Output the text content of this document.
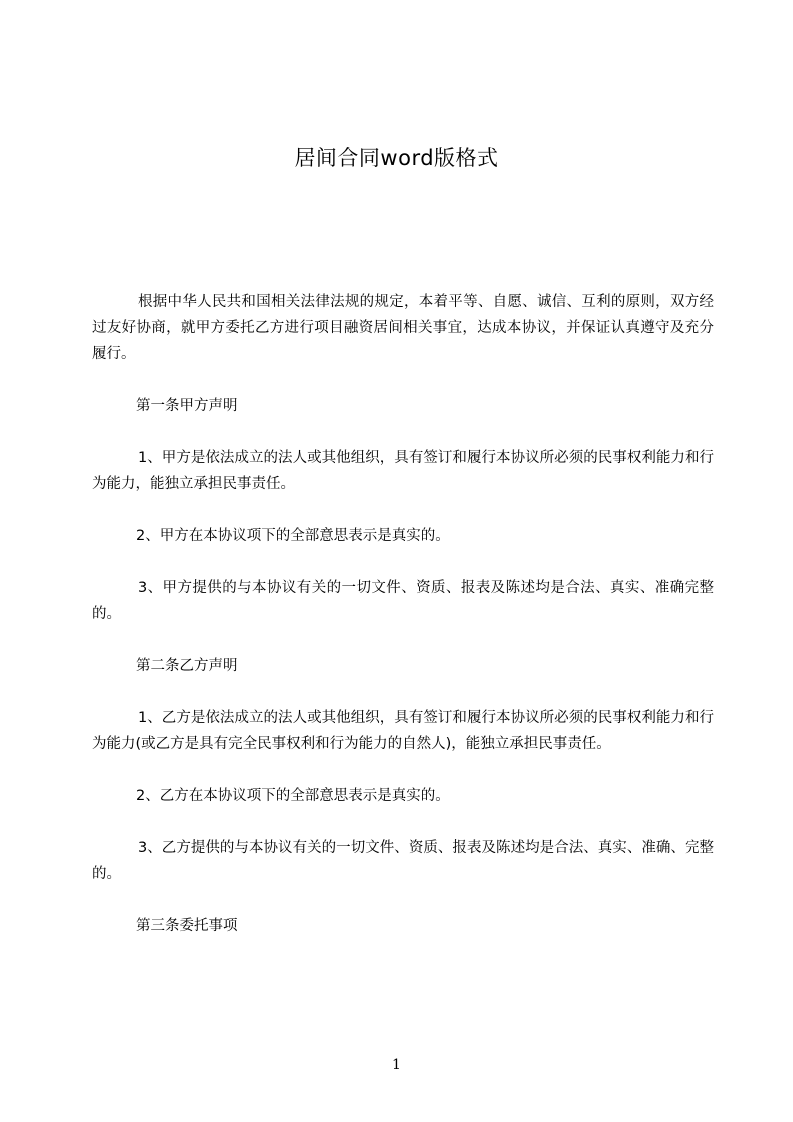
居间合同word版格式

根据中华人民共和国相关法律法规的规定，本着平等、自愿、诚信、互利的原则，双方经过友好协商，就甲方委托乙方进行项目融资居间相关事宜，达成本协议，并保证认真遵守及充分履行。

第一条甲方声明

1、甲方是依法成立的法人或其他组织，具有签订和履行本协议所必须的民事权利能力和行为能力，能独立承担民事责任。

2、甲方在本协议项下的全部意思表示是真实的。

3、甲方提供的与本协议有关的一切文件、资质、报表及陈述均是合法、真实、准确完整的。

第二条乙方声明

1、乙方是依法成立的法人或其他组织，具有签订和履行本协议所必须的民事权利能力和行为能力(或乙方是具有完全民事权利和行为能力的自然人)，能独立承担民事责任。

2、乙方在本协议项下的全部意思表示是真实的。

3、乙方提供的与本协议有关的一切文件、资质、报表及陈述均是合法、真实、准确、完整的。

第三条委托事项

1
